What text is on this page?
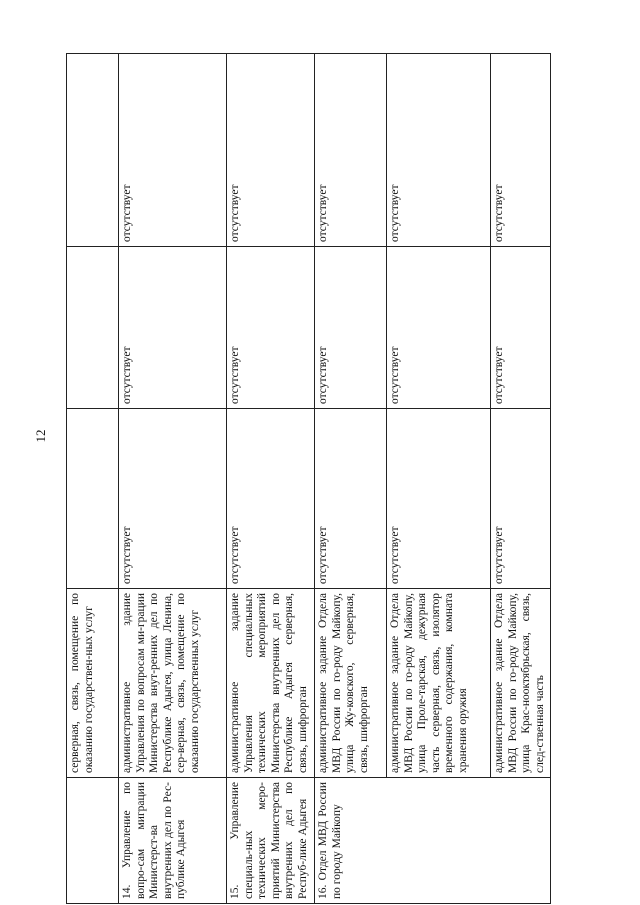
12
	серверная, связь, помещение по оказанию государствен-ных услуг			
14. Управление по вопро-сам миграции Министерст-ва внутренних дел по Рес-публике Адыгея	административное здание Управления по вопросам ми-грации Министерства внут-ренних дел по Республике Адыгея, улица Ленина, сер-верная, связь, помещение по оказанию государственных услуг	отсутствует	отсутствует	отсутствует
15. Управление специаль-ных технических меро-приятий Министерства внутренних дел по Респуб-лике Адыгея	административное задание Управления специальных технических мероприятий Министерства внутренних дел по Республике Адыгея серверная, связь, шифрорган	отсутствует	отсутствует	отсутствует
16. Отдел МВД России по городу Майкопу	административное задание Отдела МВД России по го-роду Майкопу, улица Жу-ковского, серверная, связь, шифрорган	отсутствует	отсутствует	отсутствует
	административное задание Отдела МВД России по го-роду Майкопу, улица Проле-тарская, дежурная часть серверная, связь, изолятор временного содержания, комната хранения оружия	отсутствует	отсутствует	отсутствует
	административное здание Отдела МВД России по го-роду Майкопу, улица Крас-нооктябрьская, связь, след-ственная часть	отсутствует	отсутствует	отсутствует
